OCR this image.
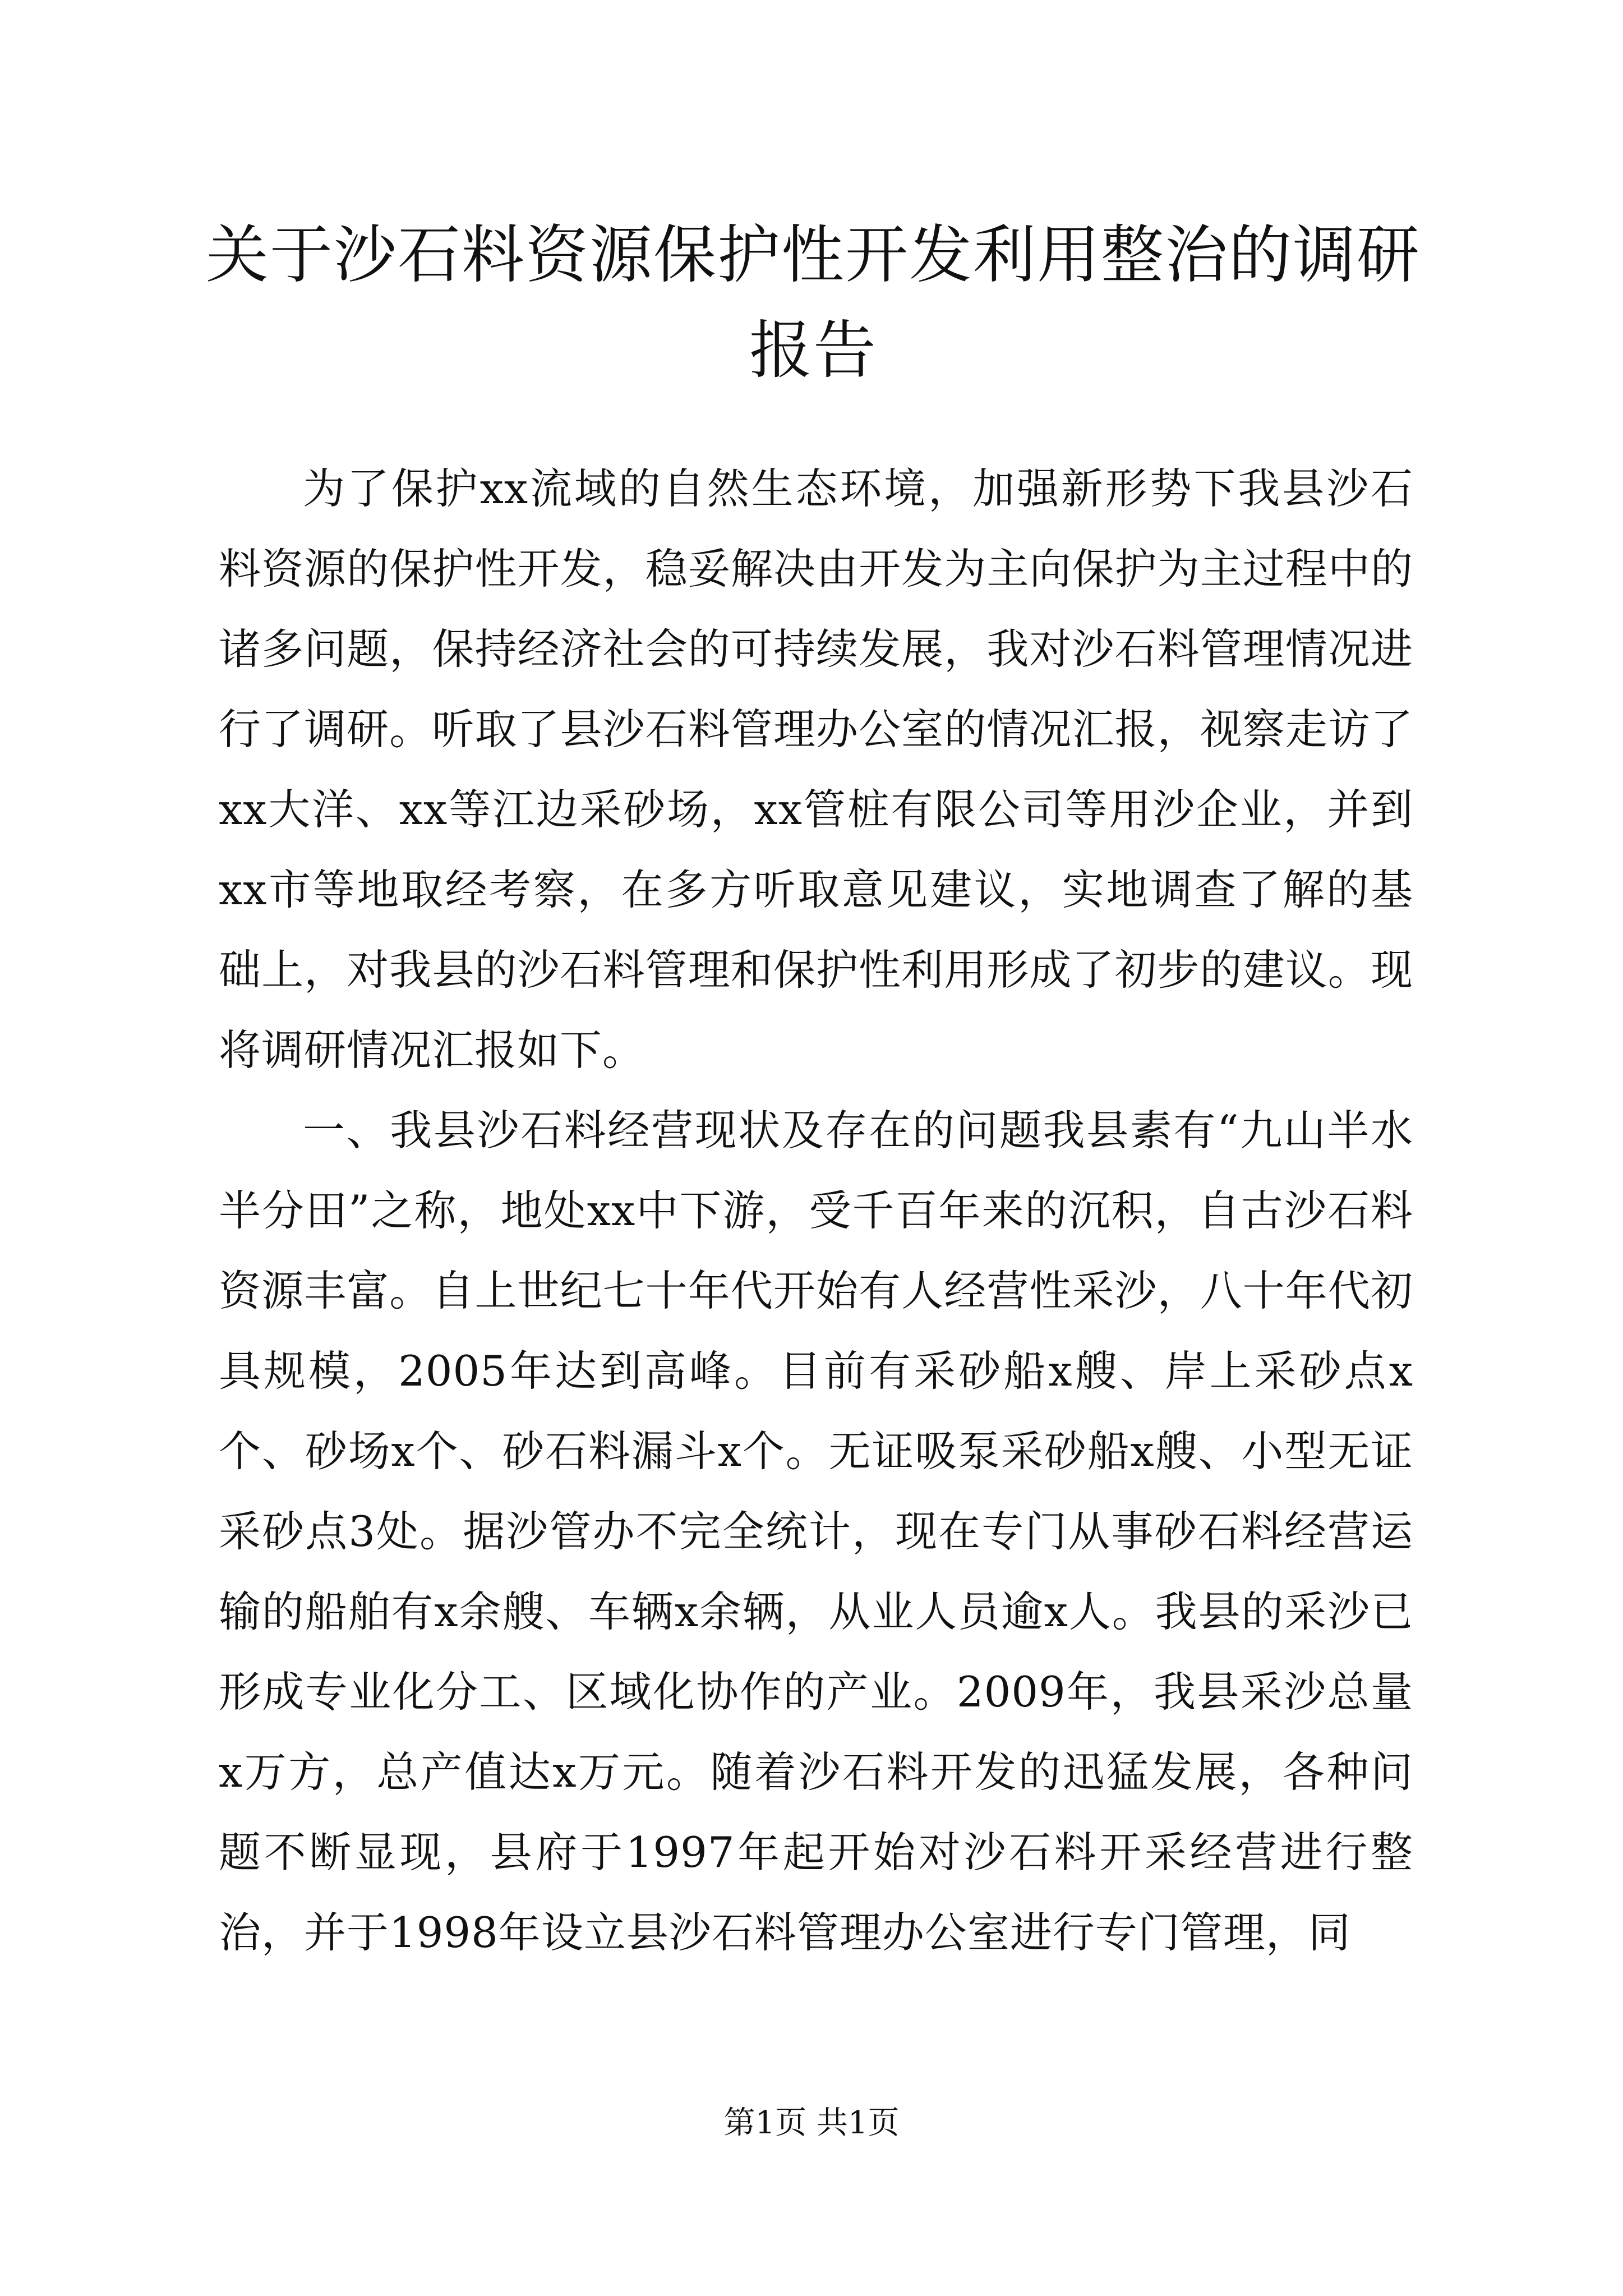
关于沙石料资源保护性开发利用整治的调研报告

为了保护xx流域的自然生态环境，加强新形势下我县沙石料资源的保护性开发，稳妥解决由开发为主向保护为主过程中的诸多问题，保持经济社会的可持续发展，我对沙石料管理情况进行了调研。听取了县沙石料管理办公室的情况汇报，视察走访了xx大洋、xx等江边采砂场，xx管桩有限公司等用沙企业，并到xx市等地取经考察，在多方听取意见建议，实地调查了解的基础上，对我县的沙石料管理和保护性利用形成了初步的建议。现将调研情况汇报如下。

一、我县沙石料经营现状及存在的问题我县素有“九山半水半分田”之称，地处xx中下游，受千百年来的沉积，自古沙石料资源丰富。自上世纪七十年代开始有人经营性采沙，八十年代初具规模，2005年达到高峰。目前有采砂船x艘、岸上采砂点x个、砂场x个、砂石料漏斗x个。无证吸泵采砂船x艘、小型无证采砂点3处。据沙管办不完全统计，现在专门从事砂石料经营运输的船舶有x余艘、车辆x余辆，从业人员逾x人。我县的采沙已形成专业化分工、区域化协作的产业。2009年，我县采沙总量x万方，总产值达x万元。随着沙石料开发的迅猛发展，各种问题不断显现，县府于1997年起开始对沙石料开采经营进行整治，并于1998年设立县沙石料管理办公室进行专门管理，同

第1页 共1页
